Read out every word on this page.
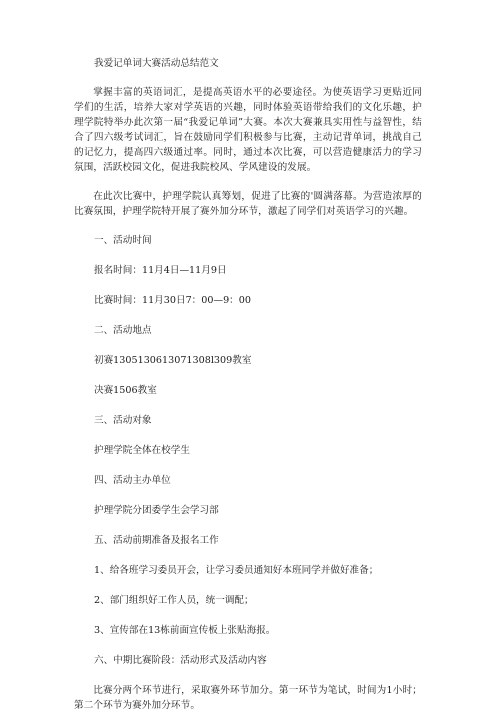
我爱记单词大赛活动总结范文

掌握丰富的英语词汇，是提高英语水平的必要途径。为使英语学习更贴近同学们的生活，培养大家对学英语的兴趣，同时体验英语带给我们的文化乐趣，护理学院特举办此次第一届“我爱记单词”大赛。本次大赛兼具实用性与益智性，结合了四六级考试词汇，旨在鼓励同学们积极参与比赛，主动记背单词，挑战自己的记忆力，提高四六级通过率。同时，通过本次比赛，可以营造健康活力的学习氛围，活跃校园文化，促进我院校风、学风建设的发展。

在此次比赛中，护理学院认真筹划，促进了比赛的'圆满落幕。为营造浓厚的比赛氛围，护理学院特开展了赛外加分环节，激起了同学们对英语学习的兴趣。

一、活动时间

报名时间：11月4日—11月9日

比赛时间：11月30日7：00—9：00

二、活动地点

初赛1305130613071308l309教室

决赛1506教室

三、活动对象

护理学院全体在校学生

四、活动主办单位

护理学院分团委学生会学习部

五、活动前期准备及报名工作

1、给各班学习委员开会，让学习委员通知好本班同学并做好准备；

2、部门组织好工作人员，统一调配；

3、宣传部在13栋前面宣传板上张贴海报。

六、中期比赛阶段：活动形式及活动内容

比赛分两个环节进行，采取赛外环节加分。第一环节为笔试，时间为1小时；第二个环节为赛外加分环节。
